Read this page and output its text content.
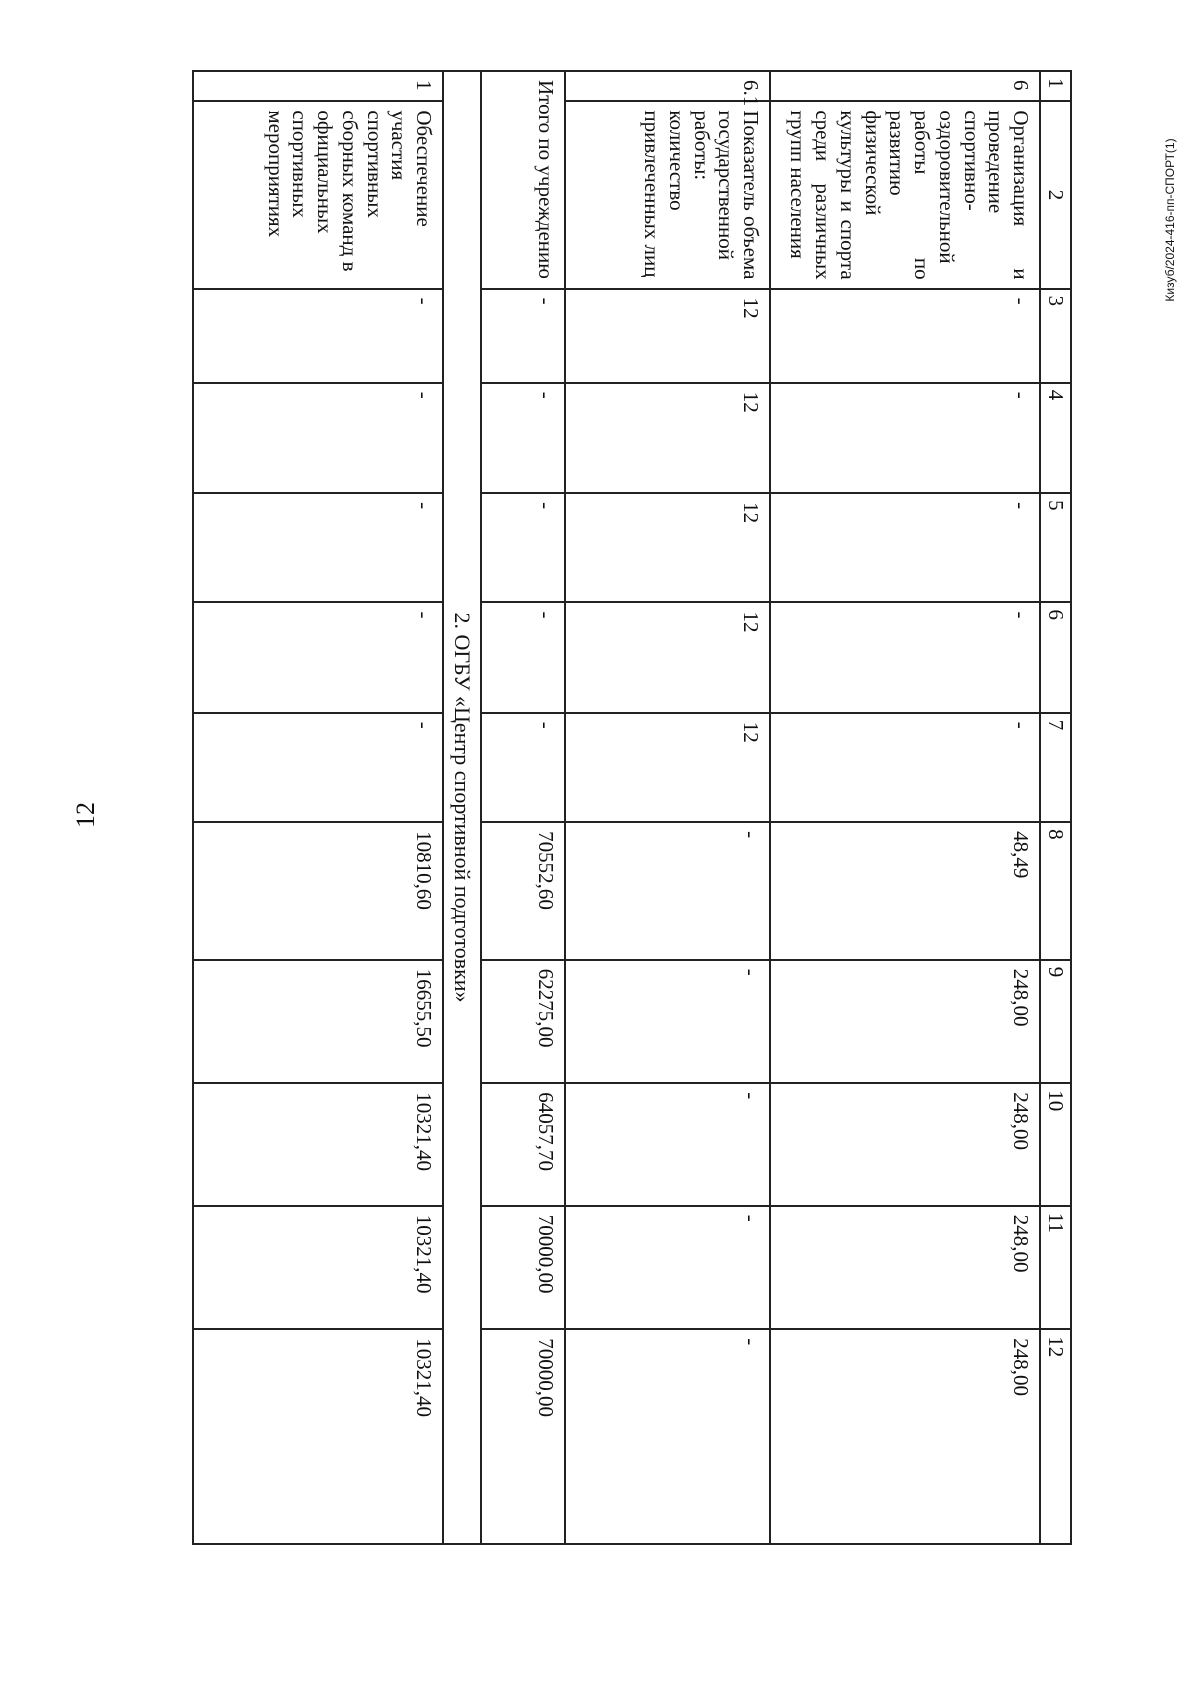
12
Кизуб/2024-416-пп-СПОРТ(1)
1	2	3	4	5	6	7	8	9	10	11	12
6	Организация и проведение спортивно-оздоровительной работы по развитию физической культуры и спорта среди различных групп населения	-	-	-	-	-	48,49	248,00	248,00	248,00	248,00
6.1	Показатель объема государственной работы: количество привлеченных лиц	12	12	12	12	12	-	-	-	-	-
Итого по учреждению		-	-	-	-	-	70552,60	62275,00	64057,70	70000,00	70000,00
2. ОГБУ «Центр спортивной подготовки»											
1	Обеспечение участия спортивных сборных команд в официальных спортивных мероприятиях	-	-	-	-	-	10810,60	16655,50	10321,40	10321,40	10321,40
